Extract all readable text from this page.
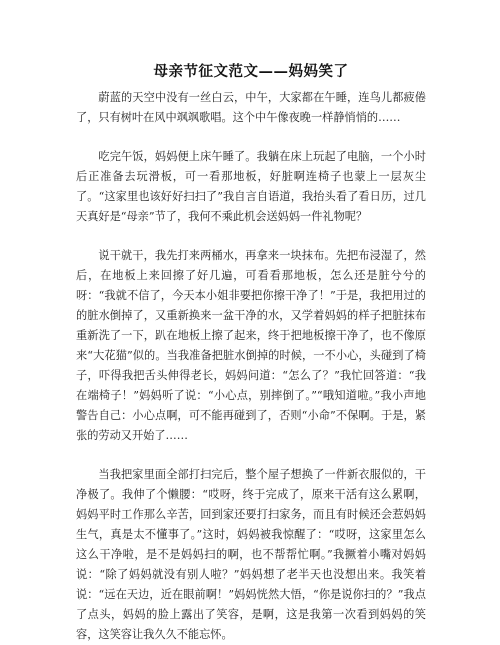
母亲节征文范文——妈妈笑了

蔚蓝的天空中没有一丝白云，中午，大家都在午睡，连鸟儿都疲倦了，只有树叶在风中飒飒歌唱。这个中午像夜晚一样静悄悄的……

吃完午饭，妈妈便上床午睡了。我躺在床上玩起了电脑，一个小时后正准备去玩滑板，可一看那地板，好脏啊连椅子也蒙上一层灰尘了。“这家里也该好好扫扫了”我自言自语道，我抬头看了看日历，过几天真好是“母亲”节了，我何不乘此机会送妈妈一件礼物呢？

说干就干，我先打来两桶水，再拿来一块抹布。先把布浸湿了，然后，在地板上来回擦了好几遍，可看看那地板，怎么还是脏兮兮的呀：“我就不信了，今天本小姐非要把你擦干净了！”于是，我把用过的的脏水倒掉了，又重新换来一盆干净的水，又学着妈妈的样子把脏抹布重新洗了一下，趴在地板上擦了起来，终于把地板擦干净了，也不像原来“大花猫”似的。当我准备把脏水倒掉的时候，一不小心，头碰到了椅子，吓得我把舌头伸得老长，妈妈问道：“怎么了？”我忙回答道：“我在端椅子！”妈妈听了说：“小心点，别摔倒了。”“哦知道啦。”我小声地警告自己：小心点啊，可不能再碰到了，否则“小命”不保啊。于是，紧张的劳动又开始了……

当我把家里面全部打扫完后，整个屋子想换了一件新衣服似的，干净极了。我伸了个懒腰：“哎呀，终于完成了，原来干活有这么累啊，妈妈平时工作那么辛苦，回到家还要打扫家务，而且有时候还会惹妈妈生气，真是太不懂事了。”这时，妈妈被我惊醒了：“哎呀，这家里怎么这么干净啦，是不是妈妈扫的啊，也不帮帮忙啊。”我撅着小嘴对妈妈说：“除了妈妈就没有别人啦？”妈妈想了老半天也没想出来。我笑着说：“远在天边，近在眼前啊！”妈妈恍然大悟，“你是说你扫的？”我点了点头，妈妈的脸上露出了笑容，是啊，这是我第一次看到妈妈的笑容，这笑容让我久久不能忘怀。
